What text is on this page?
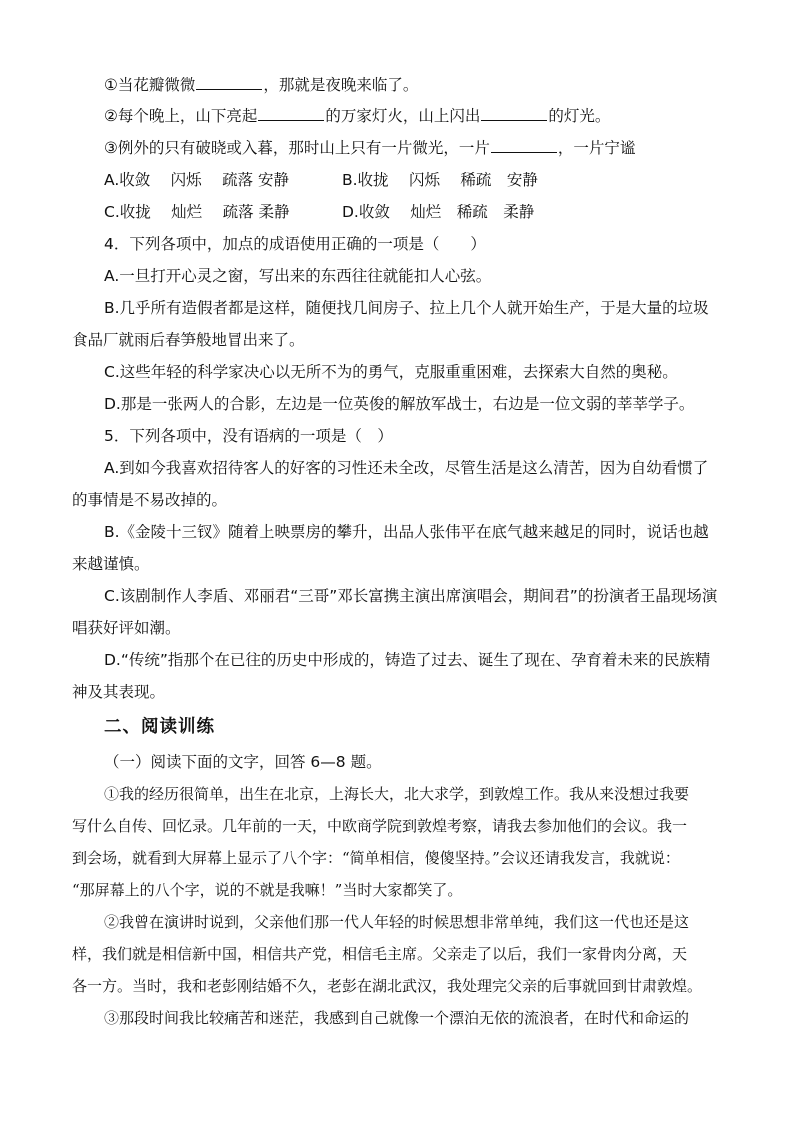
①当花瓣微微	，那就是夜晚来临了。
②每个晚上，山下亮起	的万家灯火，山上闪出	的灯光。
③例外的只有破晓或入暮，那时山上只有一片微光，一片	，一片宁谧
A.收敛　 闪烁　 疏落 安静	B.收拢　 闪烁　 稀疏　安静
C.收拢　 灿烂　 疏落 柔静	D.收敛　 灿烂　稀疏　柔静
4．下列各项中，加点的成语使用正确的一项是（　　）
A.一旦打开心灵之窗，写出来的东西往往就能扣人心弦。
B.几乎所有造假者都是这样，随便找几间房子、拉上几个人就开始生产，于是大量的垃圾
食品厂就雨后春笋般地冒出来了。
C.这些年轻的科学家决心以无所不为的勇气，克服重重困难，去探索大自然的奥秘。
D.那是一张两人的合影，左边是一位英俊的解放军战士，右边是一位文弱的莘莘学子。
5．下列各项中，没有语病的一项是（　）
A.到如今我喜欢招待客人的好客的习性还未全改，尽管生活是这么清苦，因为自幼看惯了
的事情是不易改掉的。
B.《金陵十三钗》随着上映票房的攀升，出品人张伟平在底气越来越足的同时，说话也越
来越谨慎。
C.该剧制作人李盾、邓丽君“三哥”邓长富携主演出席演唱会，期间君”的扮演者王晶现场演
唱获好评如潮。
D.“传统”指那个在已往的历史中形成的，铸造了过去、诞生了现在、孕育着未来的民族精
神及其表现。
二、阅读训练
（一）阅读下面的文字，回答 6—8 题。
①我的经历很简单，出生在北京，上海长大，北大求学，到敦煌工作。我从来没想过我要
写什么自传、回忆录。几年前的一天，中欧商学院到敦煌考察，请我去参加他们的会议。我一
到会场，就看到大屏幕上显示了八个字：“简单相信，傻傻坚持。”会议还请我发言，我就说：
“那屏幕上的八个字，说的不就是我嘛！”当时大家都笑了。
②我曾在演讲时说到，父亲他们那一代人年轻的时候思想非常单纯，我们这一代也还是这
样，我们就是相信新中国，相信共产党，相信毛主席。父亲走了以后，我们一家骨肉分离，天
各一方。当时，我和老彭刚结婚不久，老彭在湖北武汉，我处理完父亲的后事就回到甘肃敦煌。
③那段时间我比较痛苦和迷茫，我感到自己就像一个漂泊无依的流浪者，在时代和命运的
